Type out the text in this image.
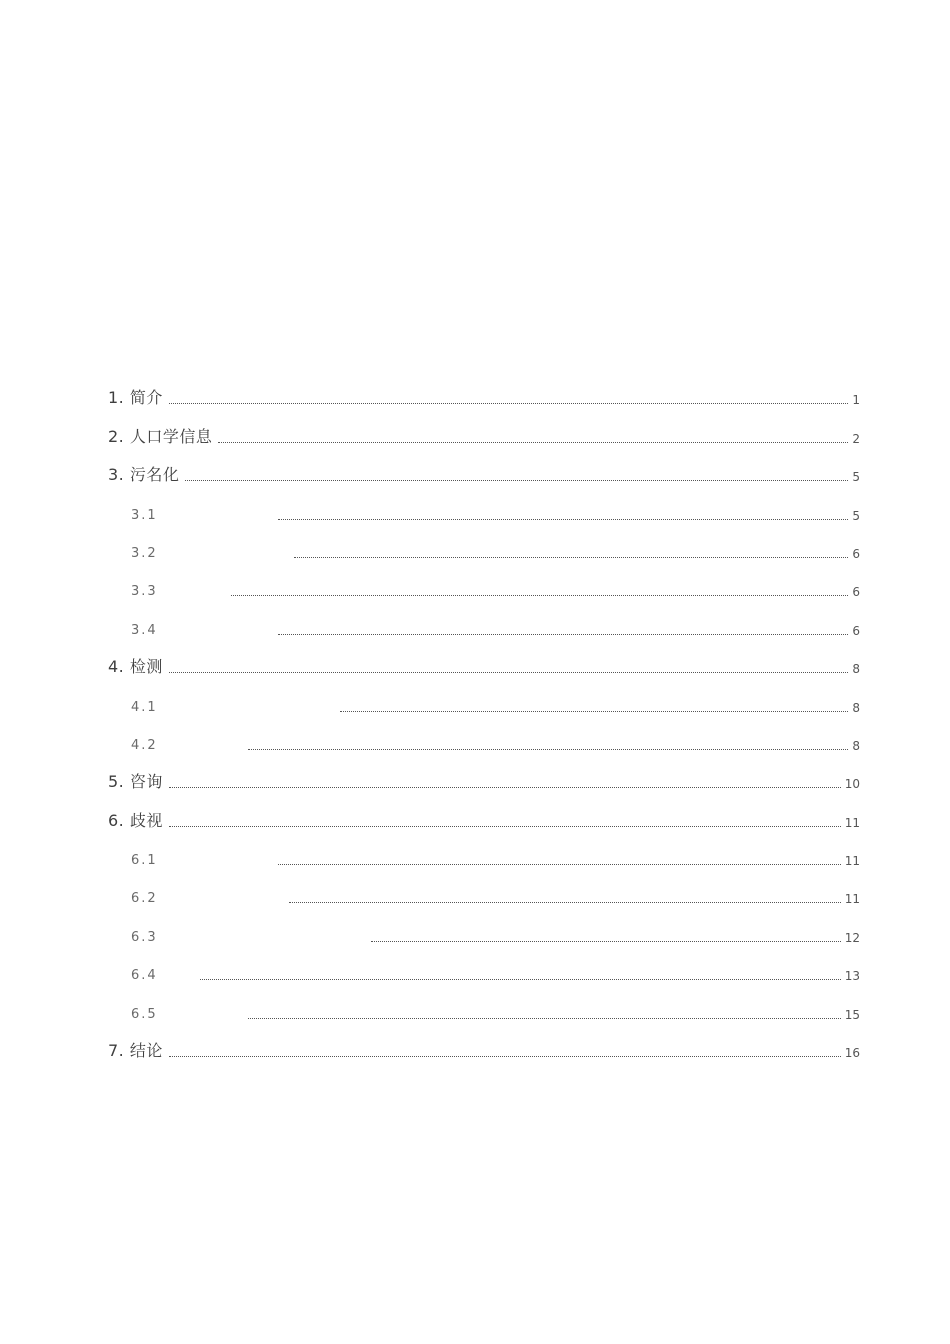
1. 简介	1
2. 人口学信息	2
3. 污名化	5
3.1	5
3.2	6
3.3	6
3.4	6
4. 检测	8
4.1	8
4.2	8
5. 咨询	10
6. 歧视	11
6.1	11
6.2	11
6.3	12
6.4	13
6.5	15
7. 结论	16
